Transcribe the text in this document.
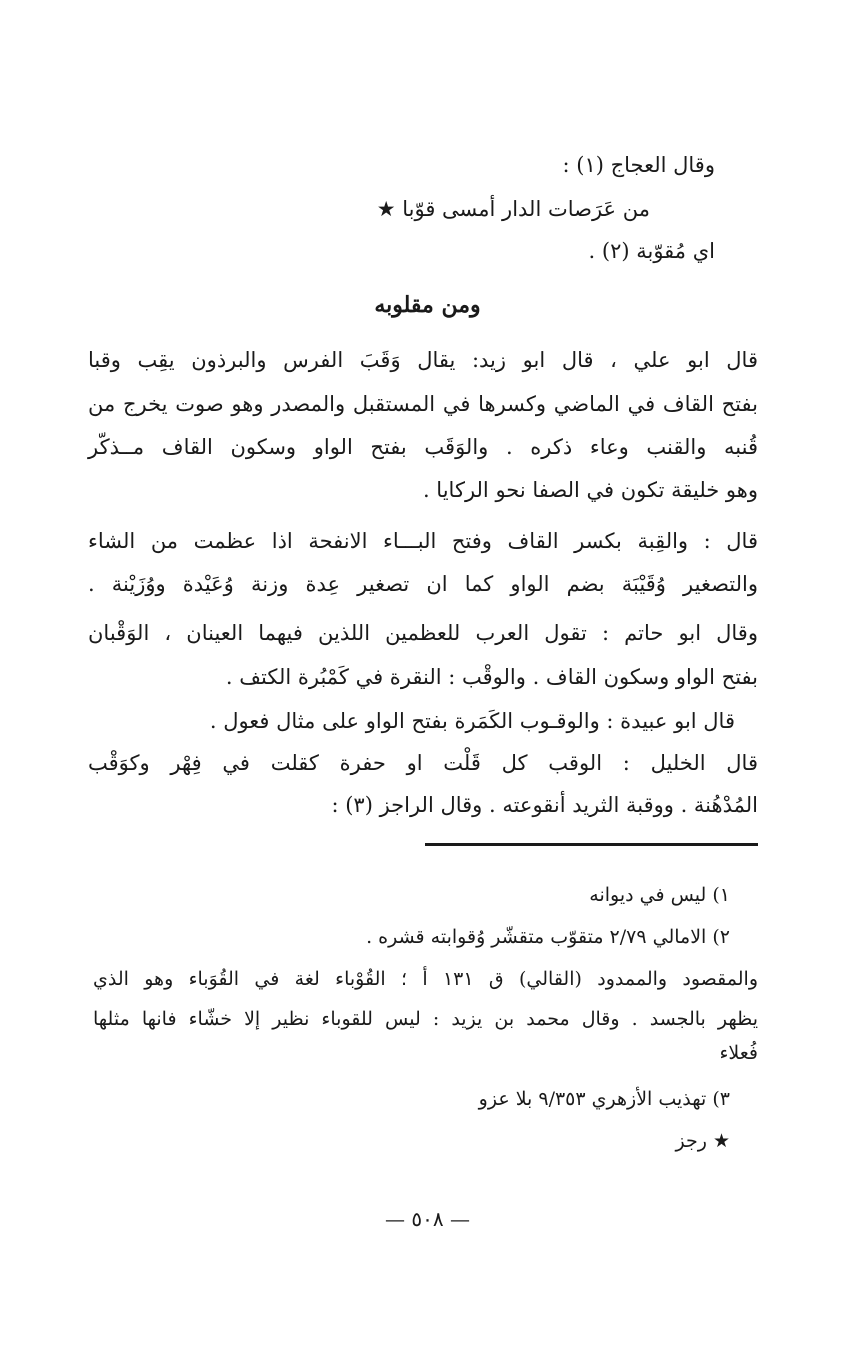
وقال العجاج (١) :
من عَرَصات الدار أمسى قوّبا ★
اي مُقوّبة (٢) .
ومن مقلوبه
قال ابو علي ، قال ابو زيد: يقال وَقَبَ الفرس والبرذون يقِب وقبا
بفتح القاف في الماضي وكسرها في المستقبل والمصدر وهو صوت يخرج من
قُنبه والقنب وعاء ذكره . والوَقَب بفتح الواو وسكون القاف مــذكّر
وهو خليقة تكون في الصفا نحو الركايا .
قال : والقِبة بكسر القاف وفتح البـــاء الانفحة اذا عظمت من الشاء
والتصغير وُقَيْبَة بضم الواو كما ان تصغير عِدة وزنة وُعَيْدة ووُزَيْنة .
وقال ابو حاتم : تقول العرب للعظمين اللذين فيهما العينان ، الوَقْبان
بفتح الواو وسكون القاف . والوقْب : النقرة في كَمْبُرة الكتف .
قال ابو عبيدة : والوقـوب الكَمَرة بفتح الواو على مثال فعول .
قال الخليل : الوقب كل قَلْت او حفرة كقلت في فِهْر وكوَقْب
المُدْهُنة . ووقبة الثريد أنقوعته . وقال الراجز (٣) :
١) ليس في ديوانه
٢) الامالي ٢/٧٩ متقوّب متقشّر وُقوابته قشره .
والمقصود والممدود (القالي) ق ١٣١ أ ؛ القُوْباء لغة في القُوَباء وهو الذي
يظهر بالجسد . وقال محمد بن يزيد : ليس للقوباء نظير إلا خشّاء فانها مثلها
فُعلاء
٣) تهذيب الأزهري ٩/٣٥٣ بلا عزو
★ رجز
— ٥٠٨ —
